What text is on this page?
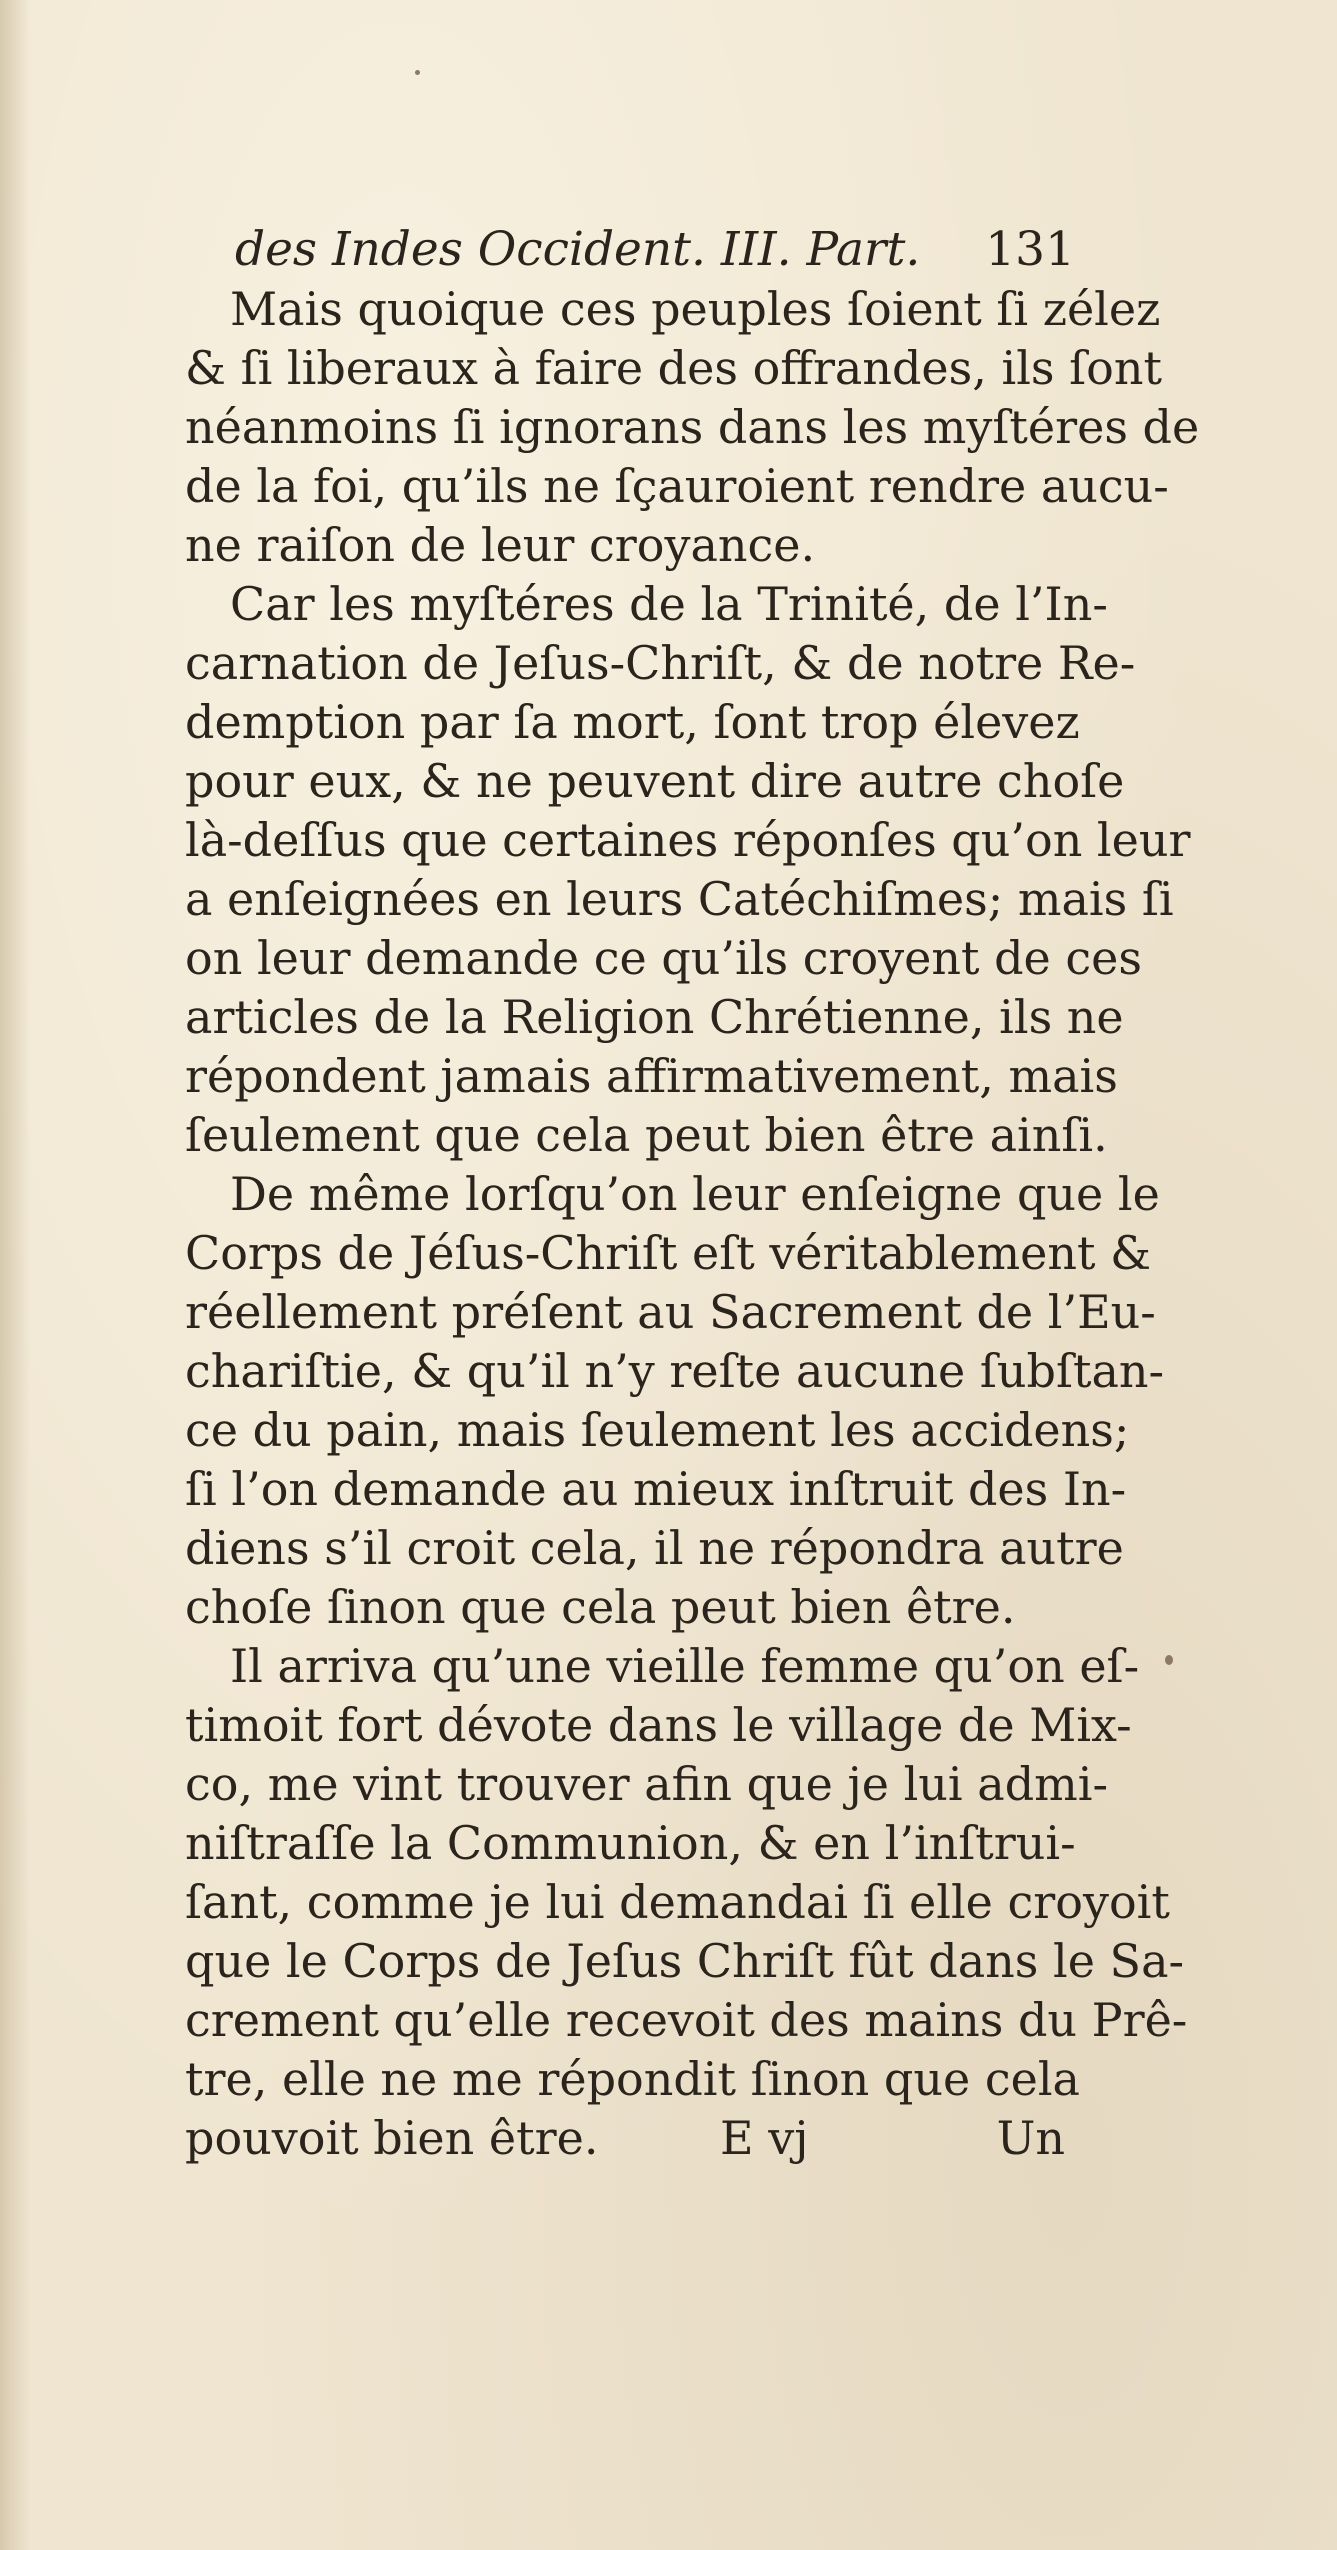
des Indes Occident. III. Part. 131
Mais quoique ces peuples ſoient ſi zélez
& ſi liberaux à faire des offrandes, ils ſont
néanmoins ſi ignorans dans les myſtéres de
de la foi, qu’ils ne ſçauroient rendre aucu-
ne raiſon de leur croyance.
Car les myſtéres de la Trinité, de l’In-
carnation de Jeſus-Chriſt, & de notre Re-
demption par ſa mort, ſont trop élevez
pour eux, & ne peuvent dire autre choſe
là-deſſus que certaines réponſes qu’on leur
a enſeignées en leurs Catéchiſmes; mais ſi
on leur demande ce qu’ils croyent de ces
articles de la Religion Chrétienne, ils ne
répondent jamais affirmativement, mais
ſeulement que cela peut bien être ainſi.
De même lorſqu’on leur enſeigne que le
Corps de Jéſus-Chriſt eſt véritablement &
réellement préſent au Sacrement de l’Eu-
chariſtie, & qu’il n’y reſte aucune ſubſtan-
ce du pain, mais ſeulement les accidens;
ſi l’on demande au mieux inſtruit des In-
diens s’il croit cela, il ne répondra autre
choſe ſinon que cela peut bien être.
Il arriva qu’une vieille femme qu’on eſ-
timoit fort dévote dans le village de Mix-
co, me vint trouver afin que je lui admi-
niſtraſſe la Communion, & en l’inſtrui-
ſant, comme je lui demandai ſi elle croyoit
que le Corps de Jeſus Chriſt fût dans le Sa-
crement qu’elle recevoit des mains du Prê-
tre, elle ne me répondit ſinon que cela
pouvoit bien être.	E vj	Un
